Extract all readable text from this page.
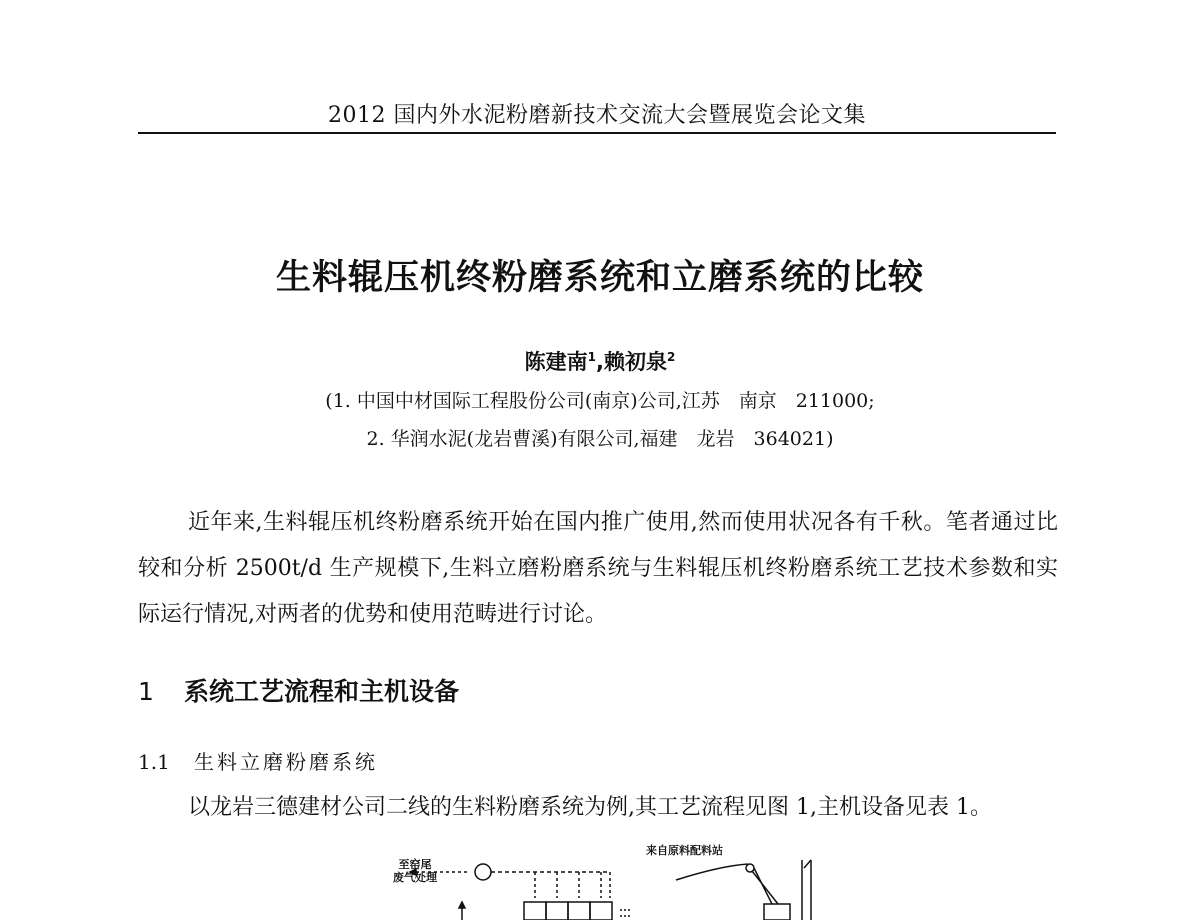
2012 国内外水泥粉磨新技术交流大会暨展览会论文集
生料辊压机终粉磨系统和立磨系统的比较
陈建南$^1$,赖初泉$^2$
(1. 中国中材国际工程股份公司(南京)公司,江苏　南京　211000;
2. 华润水泥(龙岩曹溪)有限公司,福建　龙岩　364021)

近年来,生料辊压机终粉磨系统开始在国内推广使用,然而使用状况各有千秋。笔者通过比较和分析 2500t/d 生产规模下,生料立磨粉磨系统与生料辊压机终粉磨系统工艺技术参数和实际运行情况,对两者的优势和使用范畴进行讨论。

1 系统工艺流程和主机设备
1.1 生料立磨粉磨系统

以龙岩三德建材公司二线的生料粉磨系统为例,其工艺流程见图 1,主机设备见表 1。

来自原料配料站
至窑尾
废气处理
